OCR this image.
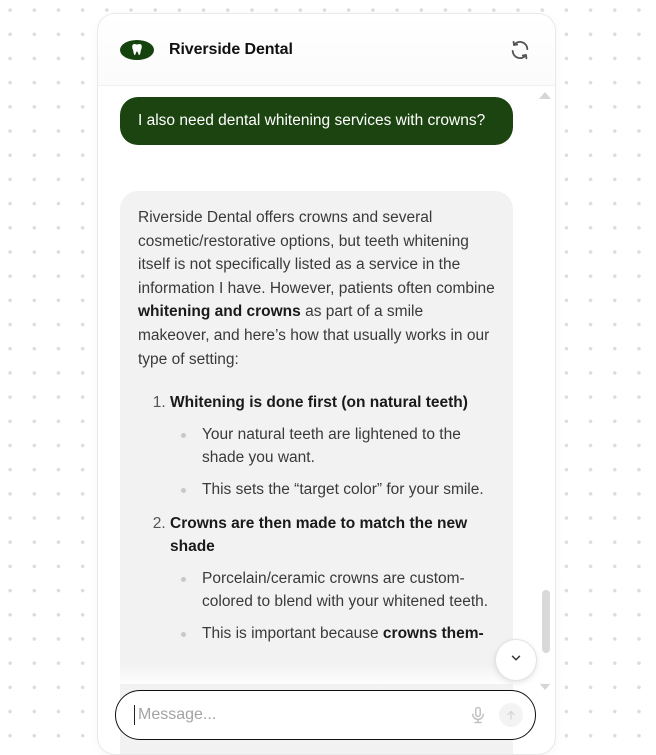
Riverside Dental
I also need dental whitening services with crowns?

Riverside Dental offers crowns and several cosmetic/restorative options, but teeth whitening itself is not specifically listed as a service in the information I have. However, patients often combine whitening and crowns as part of a smile makeover, and here’s how that usually works in our type of setting:

1. Whitening is done first (on natural teeth)
Your natural teeth are lightened to the shade you want.
This sets the “target color” for your smile.
2. Crowns are then made to match the new shade
Porcelain/ceramic crowns are custom-colored to blend with your whitened teeth.
This is important because crowns them-
Message...
